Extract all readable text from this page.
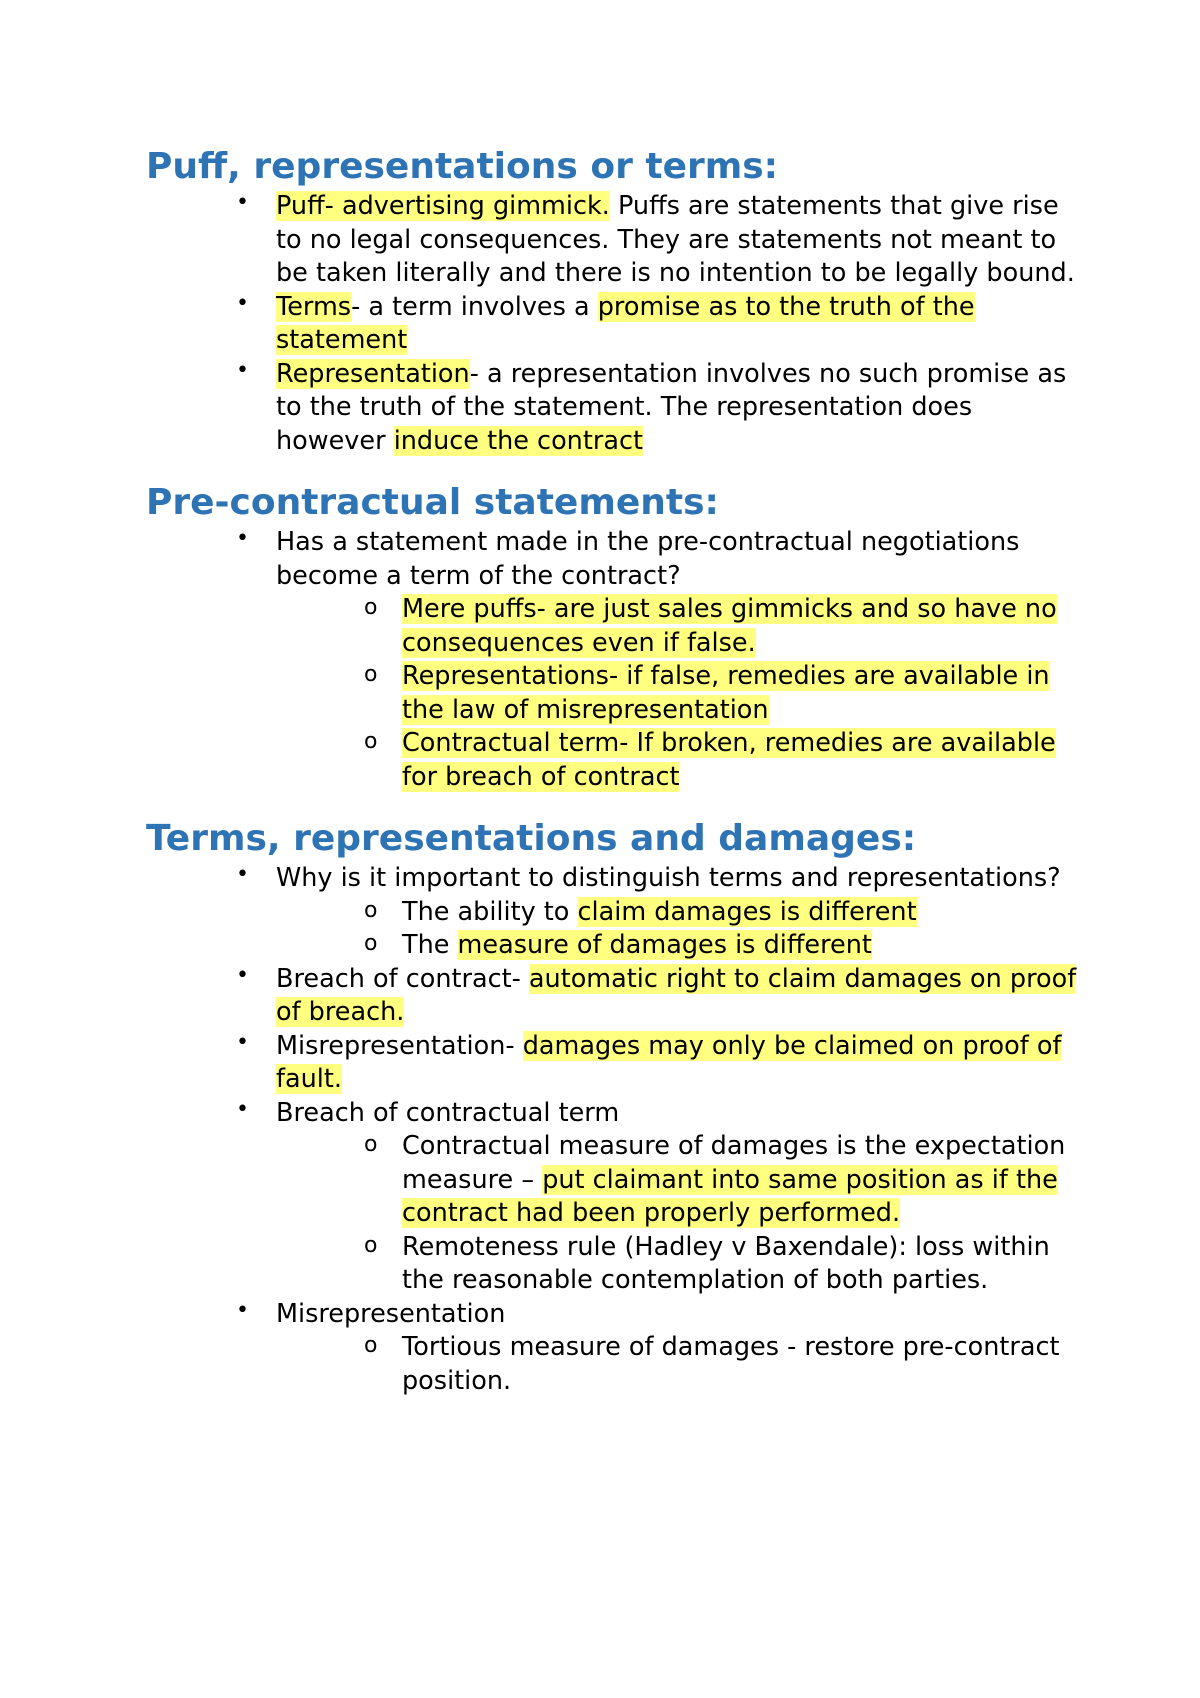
Puff, representations or terms:
• Puff- advertising gimmick. Puffs are statements that give rise to no legal consequences. They are statements not meant to be taken literally and there is no intention to be legally bound.
• Terms- a term involves a promise as to the truth of the statement
• Representation- a representation involves no such promise as to the truth of the statement. The representation does however induce the contract
Pre-contractual statements:
• Has a statement made in the pre-contractual negotiations become a term of the contract?
o Mere puffs- are just sales gimmicks and so have no consequences even if false.
o Representations- if false, remedies are available in the law of misrepresentation
o Contractual term- If broken, remedies are available for breach of contract
Terms, representations and damages:
• Why is it important to distinguish terms and representations?
o The ability to claim damages is different
o The measure of damages is different
• Breach of contract- automatic right to claim damages on proof of breach.
• Misrepresentation- damages may only be claimed on proof of fault.
• Breach of contractual term
o Contractual measure of damages is the expectation measure – put claimant into same position as if the contract had been properly performed.
o Remoteness rule (Hadley v Baxendale): loss within the reasonable contemplation of both parties.
• Misrepresentation
o Tortious measure of damages - restore pre-contract position.
